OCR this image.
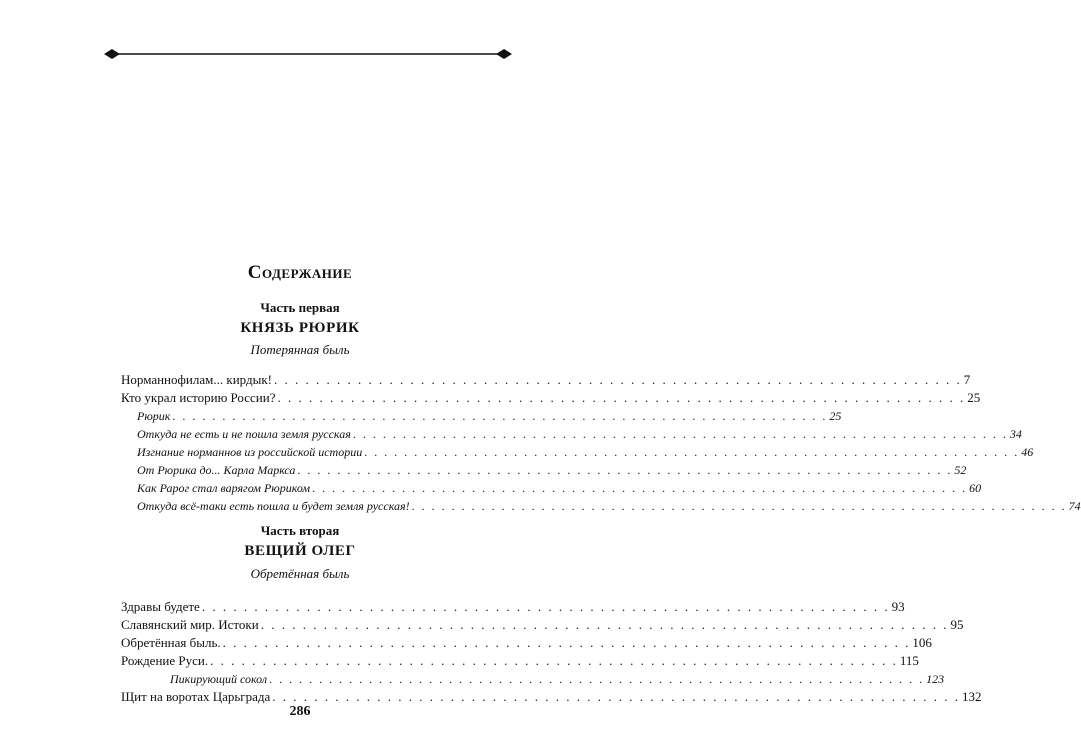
Содержание
Часть первая
КНЯЗЬ РЮРИК
Потерянная быль
Норманнофилам... кирдык! . . . . . . . . . . . . . . . . . . . . . . . . . . . . . . . . . . . . . . . . . . . . . . . . . . . . . . . . . . . . . . . . . . 7
Кто украл историю России? . . . . . . . . . . . . . . . . . . . . . . . . . . . . . . . . . . . . . . . . . . . . . . . . . . . . . . . . . . . . . . . . . . 25
Рюрик . . . . . . . . . . . . . . . . . . . . . . . . . . . . . . . . . . . . . . . . . . . . . . . . . . . . . . . . . . . . . . . . . . 25
Откуда не есть и не пошла земля русская . . . . . . . . . . . . . . . . . . . . . . . . . . . . . . . . . . . . . . . . . . . . . . . . . . . . . . . . . . . . . . . . . . 34
Изгнание норманнов из российской истории . . . . . . . . . . . . . . . . . . . . . . . . . . . . . . . . . . . . . . . . . . . . . . . . . . . . . . . . . . . . . . . . . . 46
От Рюрика до... Карла Маркса . . . . . . . . . . . . . . . . . . . . . . . . . . . . . . . . . . . . . . . . . . . . . . . . . . . . . . . . . . . . . . . . . . 52
Как Рарог стал варягом Рюриком . . . . . . . . . . . . . . . . . . . . . . . . . . . . . . . . . . . . . . . . . . . . . . . . . . . . . . . . . . . . . . . . . . 60
Откуда всё-таки есть пошла и будет земля русская! . . . . . . . . . . . . . . . . . . . . . . . . . . . . . . . . . . . . . . . . . . . . . . . . . . . . . . . . . . . . . . . . . . 74
Часть вторая
ВЕЩИЙ ОЛЕГ
Обретённая быль
Здравы будете . . . . . . . . . . . . . . . . . . . . . . . . . . . . . . . . . . . . . . . . . . . . . . . . . . . . . . . . . . . . . . . . . . 93
Славянский мир. Истоки . . . . . . . . . . . . . . . . . . . . . . . . . . . . . . . . . . . . . . . . . . . . . . . . . . . . . . . . . . . . . . . . . . 95
Обретённая быль. . . . . . . . . . . . . . . . . . . . . . . . . . . . . . . . . . . . . . . . . . . . . . . . . . . . . . . . . . . . . . . . . . . 106
Рождение Руси. . . . . . . . . . . . . . . . . . . . . . . . . . . . . . . . . . . . . . . . . . . . . . . . . . . . . . . . . . . . . . . . . . . 115
Пикирующий сокол . . . . . . . . . . . . . . . . . . . . . . . . . . . . . . . . . . . . . . . . . . . . . . . . . . . . . . . . . . . . . . . . . . 123
Щит на воротах Царьграда . . . . . . . . . . . . . . . . . . . . . . . . . . . . . . . . . . . . . . . . . . . . . . . . . . . . . . . . . . . . . . . . . . 132
286
